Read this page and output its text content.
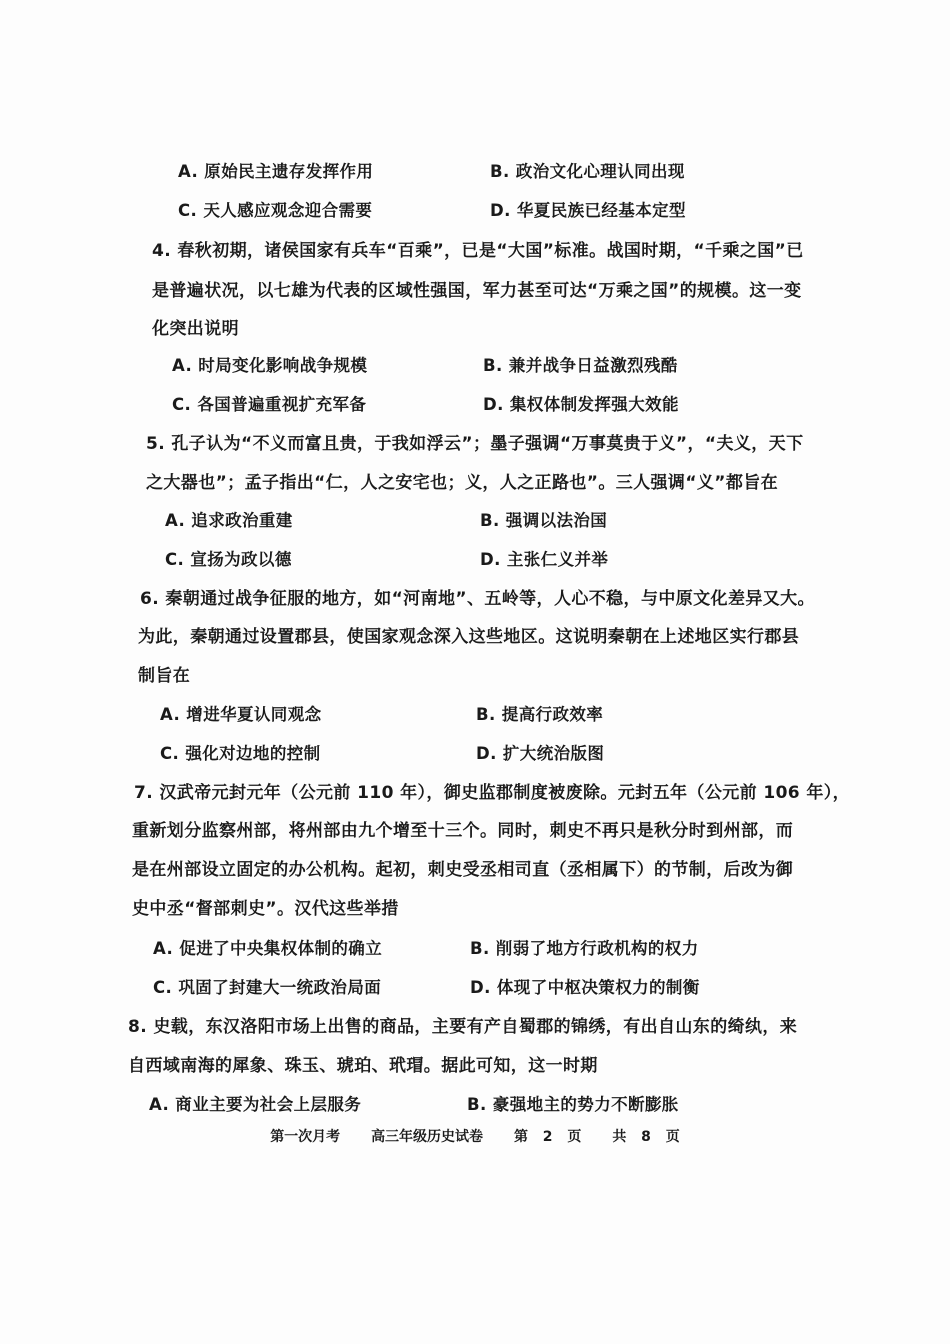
A. 原始民主遗存发挥作用	B. 政治文化心理认同出现
C. 天人感应观念迎合需要	D. 华夏民族已经基本定型
4. 春秋初期，诸侯国家有兵车“百乘”，已是“大国”标准。战国时期，“千乘之国”已
是普遍状况，以七雄为代表的区域性强国，军力甚至可达“万乘之国”的规模。这一变
化突出说明
A. 时局变化影响战争规模	B. 兼并战争日益激烈残酷
C. 各国普遍重视扩充军备	D. 集权体制发挥强大效能
5. 孔子认为“不义而富且贵，于我如浮云”；墨子强调“万事莫贵于义”，“夫义，天下
之大器也”；孟子指出“仁，人之安宅也；义，人之正路也”。三人强调“义”都旨在
A. 追求政治重建	B. 强调以法治国
C. 宣扬为政以德	D. 主张仁义并举
6. 秦朝通过战争征服的地方，如“河南地”、五岭等，人心不稳，与中原文化差异又大。
为此，秦朝通过设置郡县，使国家观念深入这些地区。这说明秦朝在上述地区实行郡县
制旨在
A. 增进华夏认同观念	B. 提高行政效率
C. 强化对边地的控制	D. 扩大统治版图
7. 汉武帝元封元年（公元前 110 年），御史监郡制度被废除。元封五年（公元前 106 年），
重新划分监察州部，将州部由九个增至十三个。同时，刺史不再只是秋分时到州部，而
是在州部设立固定的办公机构。起初，刺史受丞相司直（丞相属下）的节制，后改为御
史中丞“督部刺史”。汉代这些举措
A. 促进了中央集权体制的确立	B. 削弱了地方行政机构的权力
C. 巩固了封建大一统政治局面	D. 体现了中枢决策权力的制衡
8. 史载，东汉洛阳市场上出售的商品，主要有产自蜀郡的锦绣，有出自山东的绮纨，来
自西域南海的犀象、珠玉、琥珀、玳瑁。据此可知，这一时期
A. 商业主要为社会上层服务	B. 豪强地主的势力不断膨胀
第一次月考 高三年级历史试卷 第 2 页 共 8 页
